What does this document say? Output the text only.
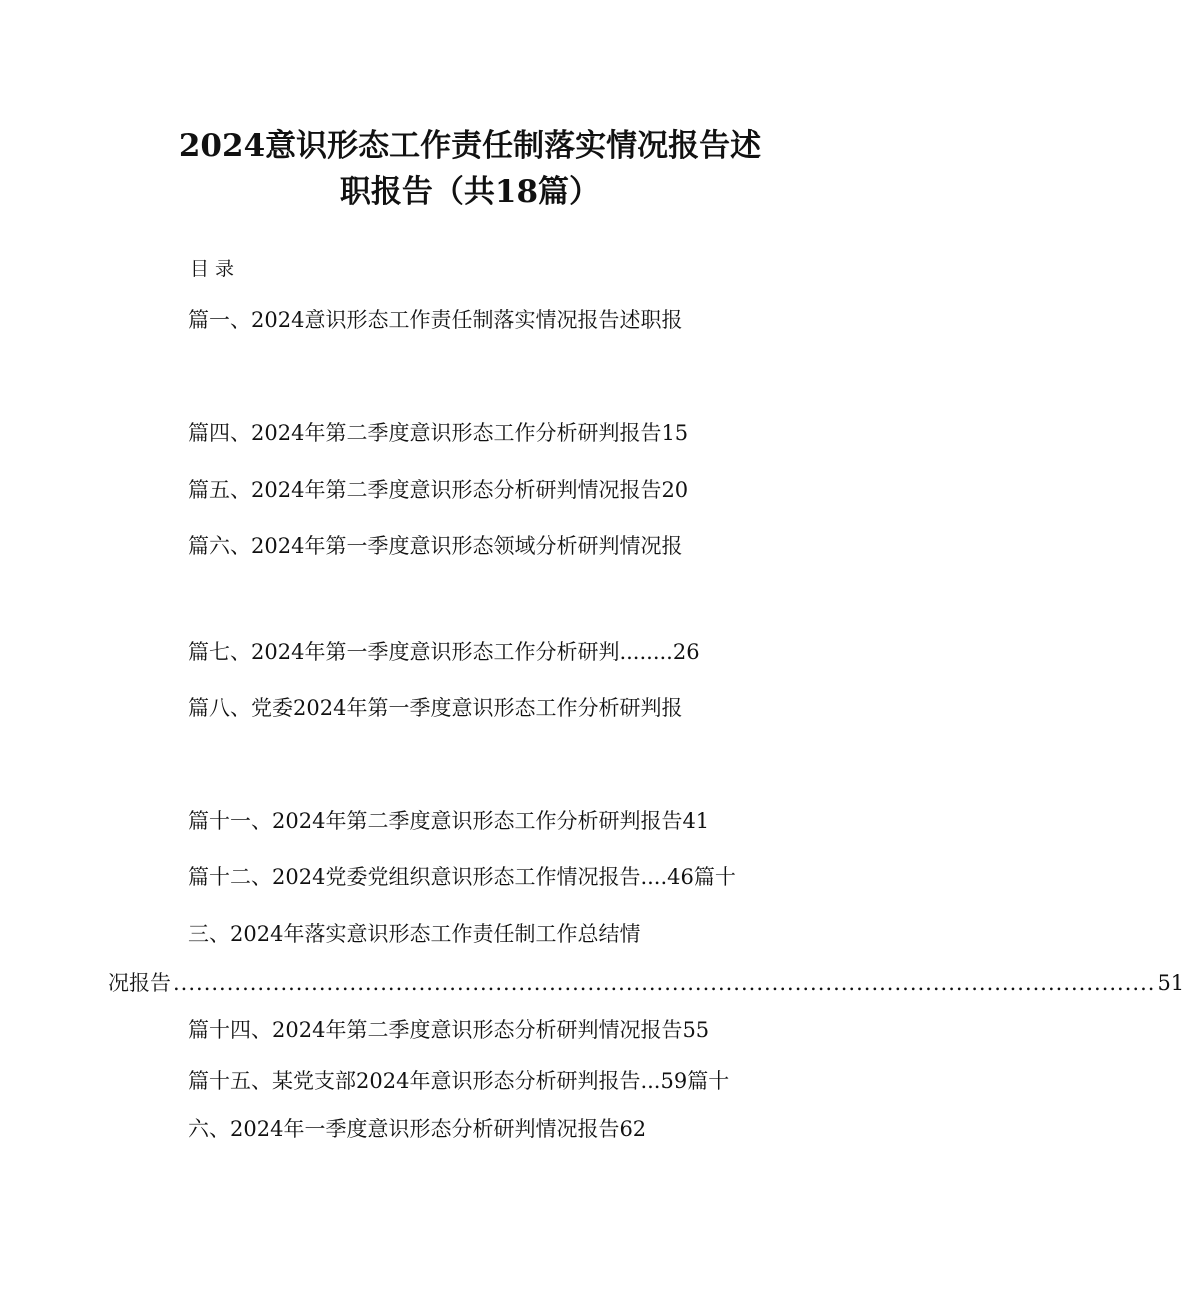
2024意识形态工作责任制落实情况报告述
职报告（共18篇）
目录
篇一、2024意识形态工作责任制落实情况报告述职报
篇四、2024年第二季度意识形态工作分析研判报告15
篇五、2024年第二季度意识形态分析研判情况报告20
篇六、2024年第一季度意识形态领域分析研判情况报
篇七、2024年第一季度意识形态工作分析研判........26
篇八、党委2024年第一季度意识形态工作分析研判报
篇十一、2024年第二季度意识形态工作分析研判报告41
篇十二、2024党委党组织意识形态工作情况报告....46篇十
三、2024年落实意识形态工作责任制工作总结情
况报告 ................................................................................................................................ 51
篇十四、2024年第二季度意识形态分析研判情况报告55
篇十五、某党支部2024年意识形态分析研判报告...59篇十
六、2024年一季度意识形态分析研判情况报告62
